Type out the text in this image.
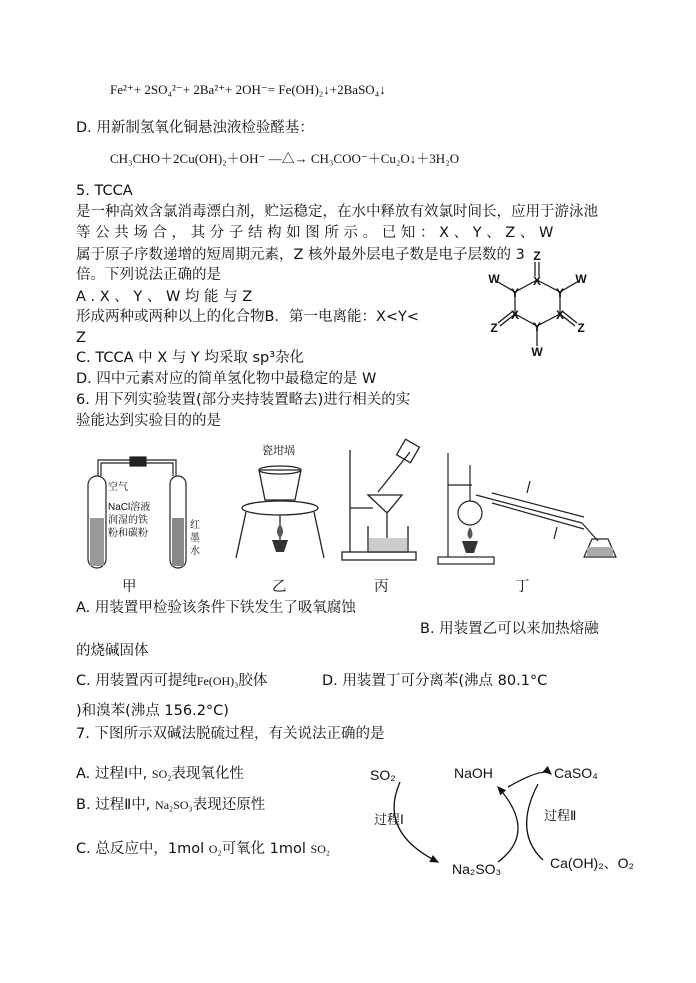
Fe²⁺+ 2SO₄²⁻+ 2Ba²⁺+ 2OH⁻= Fe(OH)₂↓+2BaSO₄↓
D. 用新制氢氧化铜悬浊液检验醛基：
CH₃CHO＋2Cu(OH)₂＋OH⁻ —△→ CH₃COO⁻＋Cu₂O↓＋3H₂O
5. TCCA
是一种高效含氯消毒漂白剂，贮运稳定，在水中释放有效氯时间长，应用于游泳池
等 公 共 场 合 ， 其 分 子 结 构 如 图 所 示 。 已 知 ： X 、 Y 、 Z 、 W
属于原子序数递增的短周期元素，Z 核外最外层电子数是电子层数的 3
倍。下列说法正确的是
A . X 、 Y 、 W 均 能 与 Z
形成两种或两种以上的化合物B．第一电离能：X<Y<
Z
C. TCCA 中 X 与 Y 均采取 sp³杂化
D. 四中元素对应的简单氢化物中最稳定的是 W
Z
X
Y	Y
X	X
Y
W	W
Z	Z
W
6. 用下列实验装置(部分夹持装置略去)进行相关的实
验能达到实验目的的是
空气
NaCl溶液
润湿的铁
粉和碳粉
红
墨
水
瓷坩埚
甲	乙	丙	丁
A. 用装置甲检验该条件下铁发生了吸氧腐蚀
B. 用装置乙可以来加热熔融
的烧碱固体
C. 用装置丙可提纯Fe(OH)₃胶体	D. 用装置丁可分离苯(沸点 80.1°C
)和溴苯(沸点 156.2°C)
7. 下图所示双碱法脱硫过程，有关说法正确的是
A. 过程Ⅰ中, SO₂表现氧化性
B. 过程Ⅱ中, Na₂SO₃表现还原性
C. 总反应中，1mol O₂可氧化 1mol SO₂
SO₂	NaOH	CaSO₄
过程Ⅰ	过程Ⅱ
Na₂SO₃	Ca(OH)₂、O₂
